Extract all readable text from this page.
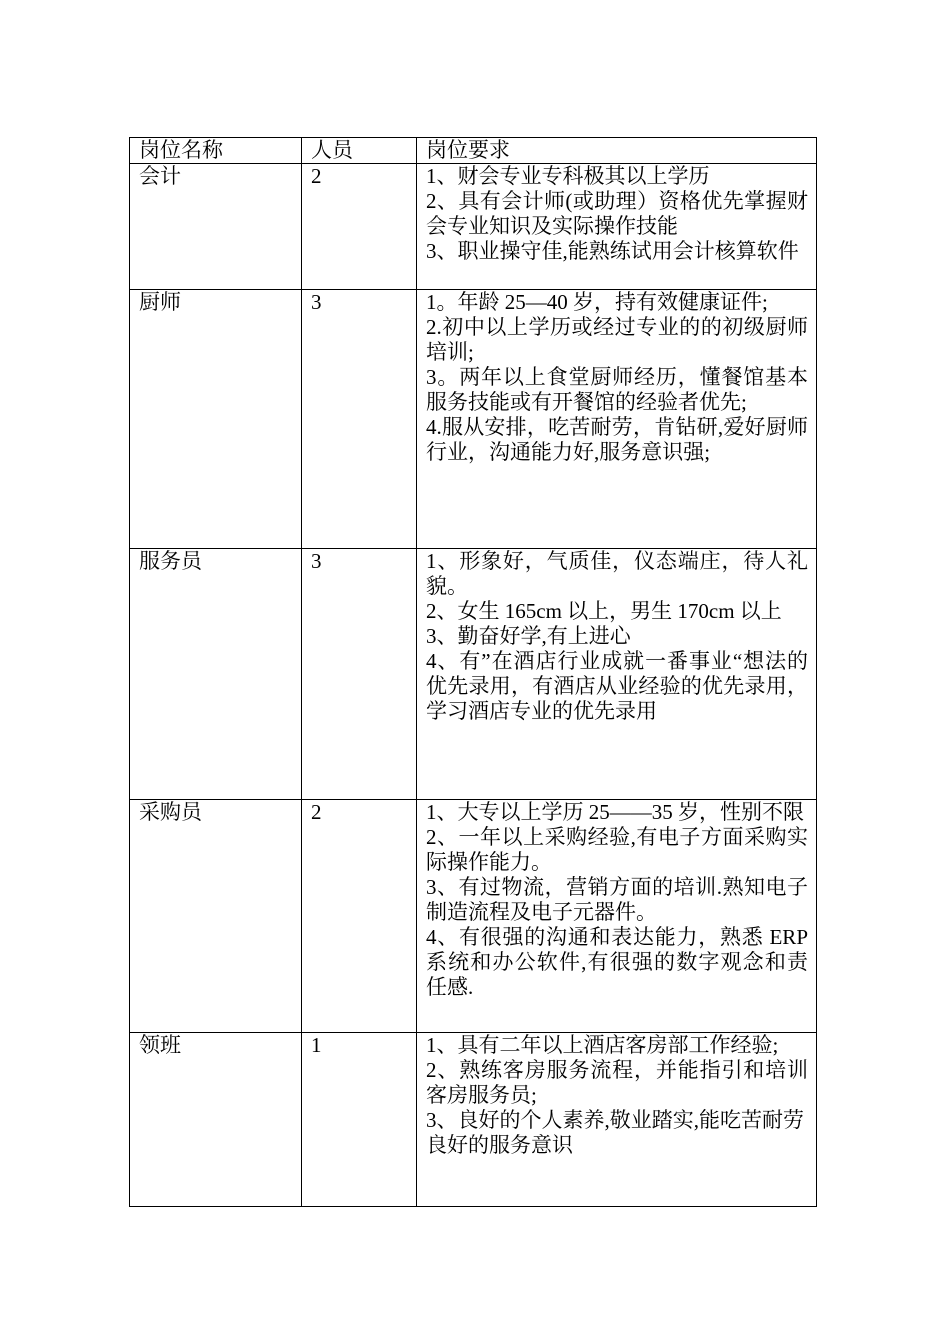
岗位名称	人员	岗位要求
会计	2	1、财会专业专科极其以上学历
2、具有会计师(或助理）资格优先掌握财会专业知识及实际操作技能
3、职业操守佳,能熟练试用会计核算软件

厨师	3	1。年龄 25—40 岁，持有效健康证件;
2.初中以上学历或经过专业的的初级厨师培训;
3。两年以上食堂厨师经历，懂餐馆基本服务技能或有开餐馆的经验者优先;
4.服从安排，吃苦耐劳，肯钻研,爱好厨师行业，沟通能力好,服务意识强;

服务员	3	1、形象好，气质佳，仪态端庄，待人礼貌。
2、女生 165cm 以上，男生 170cm 以上
3、勤奋好学,有上进心
4、有”在酒店行业成就一番事业“想法的优先录用，有酒店从业经验的优先录用，学习酒店专业的优先录用

采购员	2	1、大专以上学历 25——35 岁，性别不限
2、一年以上采购经验,有电子方面采购实际操作能力。
3、有过物流，营销方面的培训.熟知电子制造流程及电子元器件。
4、有很强的沟通和表达能力，熟悉 ERP 系统和办公软件,有很强的数字观念和责任感.

领班	1	1、具有二年以上酒店客房部工作经验;
2、熟练客房服务流程，并能指引和培训客房服务员;
3、良好的个人素养,敬业踏实,能吃苦耐劳
良好的服务意识
